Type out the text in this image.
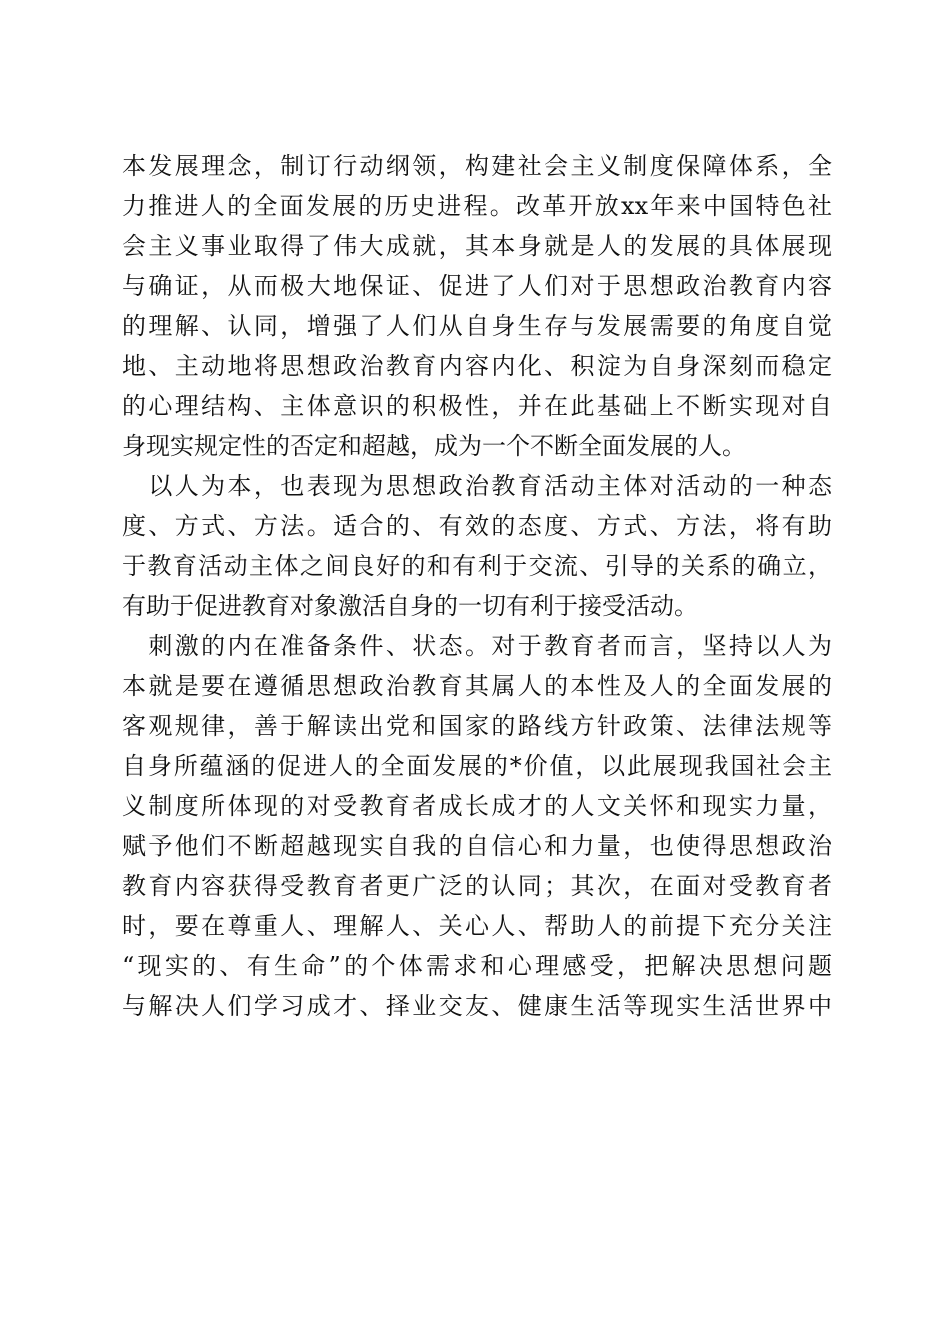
本发展理念，制订行动纲领，构建社会主义制度保障体系，全
力推进人的全面发展的历史进程。改革开放xx年来中国特色社
会主义事业取得了伟大成就，其本身就是人的发展的具体展现
与确证，从而极大地保证、促进了人们对于思想政治教育内容
的理解、认同，增强了人们从自身生存与发展需要的角度自觉
地、主动地将思想政治教育内容内化、积淀为自身深刻而稳定
的心理结构、主体意识的积极性，并在此基础上不断实现对自
身现实规定性的否定和超越，成为一个不断全面发展的人。
　以人为本，也表现为思想政治教育活动主体对活动的一种态
度、方式、方法。适合的、有效的态度、方式、方法，将有助
于教育活动主体之间良好的和有利于交流、引导的关系的确立，
有助于促进教育对象激活自身的一切有利于接受活动。
　刺激的内在准备条件、状态。对于教育者而言，坚持以人为
本就是要在遵循思想政治教育其属人的本性及人的全面发展的
客观规律，善于解读出党和国家的路线方针政策、法律法规等
自身所蕴涵的促进人的全面发展的*价值，以此展现我国社会主
义制度所体现的对受教育者成长成才的人文关怀和现实力量，
赋予他们不断超越现实自我的自信心和力量，也使得思想政治
教育内容获得受教育者更广泛的认同；其次，在面对受教育者
时，要在尊重人、理解人、关心人、帮助人的前提下充分关注
“现实的、有生命”的个体需求和心理感受，把解决思想问题
与解决人们学习成才、择业交友、健康生活等现实生活世界中
